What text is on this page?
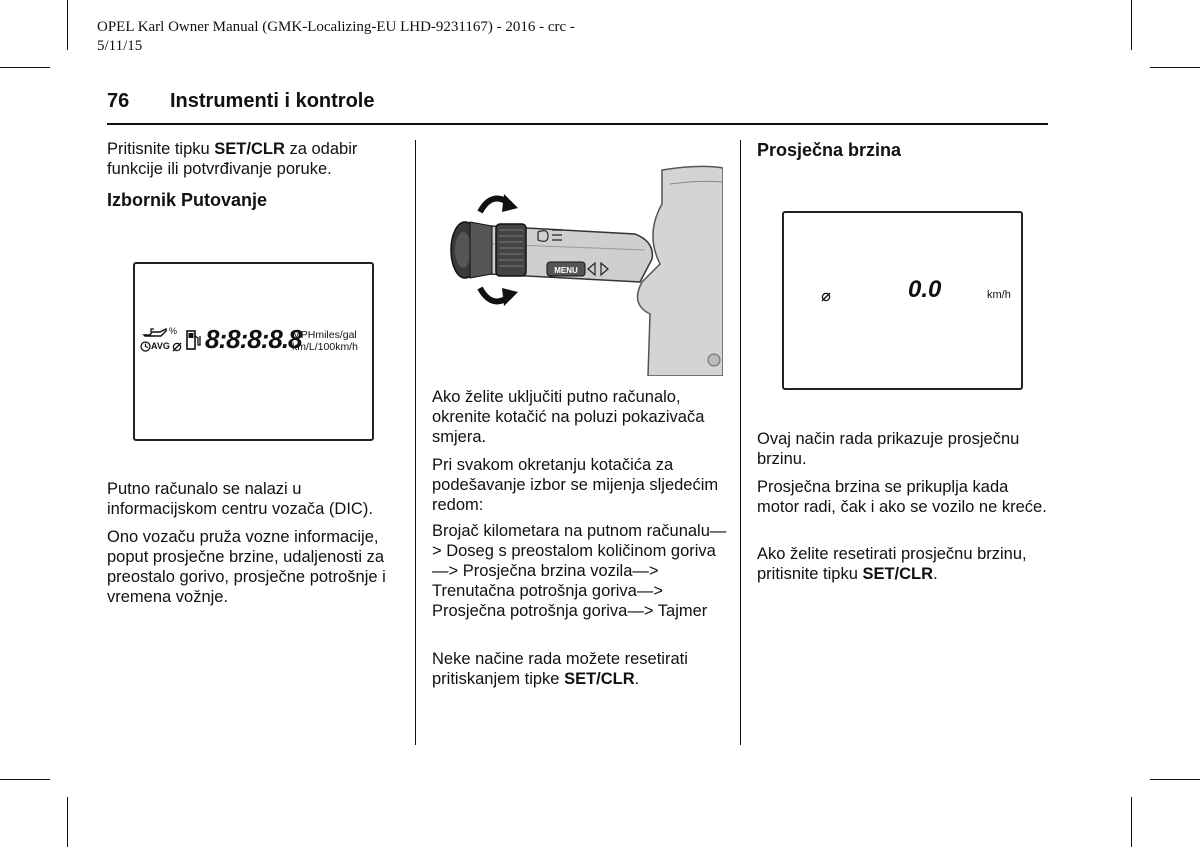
OPEL Karl Owner Manual (GMK-Localizing-EU LHD-9231167) - 2016 - crc -
5/11/15
76 Instrumenti i kontrole

Pritisnite tipku SET/CLR za odabir funkcije ili potvrđivanje poruke.

Izbornik Putovanje
%
AVG 8:8:8:8.8
MPHmiles/gal
km/L/100km/h

Putno računalo se nalazi u informacijskom centru vozača (DIC).

Ono vozaču pruža vozne informacije, poput prosječne brzine, udaljenosti za preostalo gorivo, prosječne potrošnje i vremena vožnje.

MENU

Ako želite uključiti putno računalo, okrenite kotačić na poluzi pokazivača smjera.

Pri svakom okretanju kotačića za podešavanje izbor se mijenja sljedećim redom:

Brojač kilometara na putnom računalu—> Doseg s preostalom količinom goriva—> Prosječna brzina vozila—> Trenutačna potrošnja goriva—> Prosječna potrošnja goriva—> Tajmer

Neke načine rada možete resetirati pritiskanjem tipke SET/CLR.

Prosječna brzina
0.0	km/h

Ovaj način rada prikazuje prosječnu brzinu.

Prosječna brzina se prikuplja kada motor radi, čak i ako se vozilo ne kreće.

Ako želite resetirati prosječnu brzinu, pritisnite tipku SET/CLR.
